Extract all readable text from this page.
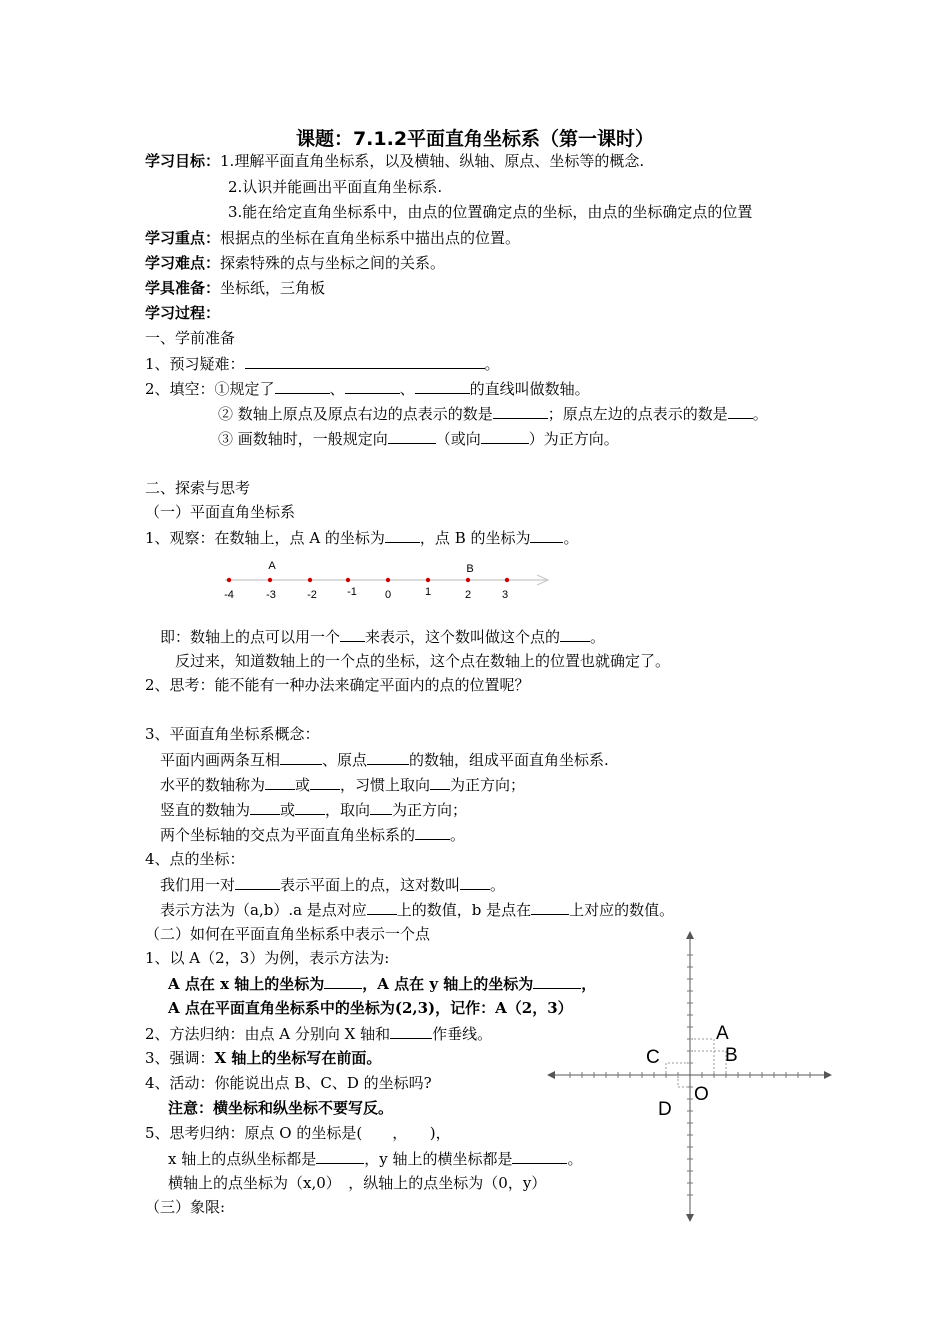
课题：7.1.2平面直角坐标系（第一课时）
学习目标：1.理解平面直角坐标系，以及横轴、纵轴、原点、坐标等的概念.
2.认识并能画出平面直角坐标系.
3.能在给定直角坐标系中，由点的位置确定点的坐标，由点的坐标确定点的位置
学习重点：根据点的坐标在直角坐标系中描出点的位置。
学习难点：探索特殊的点与坐标之间的关系。
学具准备：坐标纸，三角板
学习过程：
一、学前准备
1、预习疑难：	。
2、填空：①规定了	、	、	的直线叫做数轴。
② 数轴上原点及原点右边的点表示的数是	；原点左边的点表示的数是 。
③ 画数轴时，一般规定向	（或向	）为正方向。
二、探索与思考
（一）平面直角坐标系
1、观察：在数轴上，点 A 的坐标为 ，点 B 的坐标为 。
-4	-3	-2	-1	0	1	2	3
A	B
即：数轴上的点可以用一个 来表示，这个数叫做这个点的 。
反过来，知道数轴上的一个点的坐标，这个点在数轴上的位置也就确定了。
2、思考：能不能有一种办法来确定平面内的点的位置呢？
3、平面直角坐标系概念：
平面内画两条互相	、原点	的数轴，组成平面直角坐标系.
水平的数轴称为 或 ，习惯上取向 为正方向；
竖直的数轴为 或 ，取向 为正方向；
两个坐标轴的交点为平面直角坐标系的 。
4、点的坐标：
我们用一对	表示平面上的点，这对数叫 。
表示方法为（a,b）.a 是点对应 上的数值，b 是点在	上对应的数值。
（二）如何在平面直角坐标系中表示一个点
1、以 A（2，3）为例，表示方法为:
A 点在 x 轴上的坐标为	，A 点在 y 轴上的坐标为	，
A 点在平面直角坐标系中的坐标为(2,3)，记作：A（2，3）
2、方法归纳：由点 A 分别向 X 轴和	作垂线。
3、强调：X 轴上的坐标写在前面。
4、活动：你能说出点 B、C、D 的坐标吗?
注意：横坐标和纵坐标不要写反。
5、思考归纳：原点 O 的坐标是(　　，　　)，
x 轴上的点纵坐标都是	，y 轴上的横坐标都是	。
横轴上的点坐标为（x,0）　，纵轴上的点坐标为（0，y）
（三）象限:
A
B
C
D
O
